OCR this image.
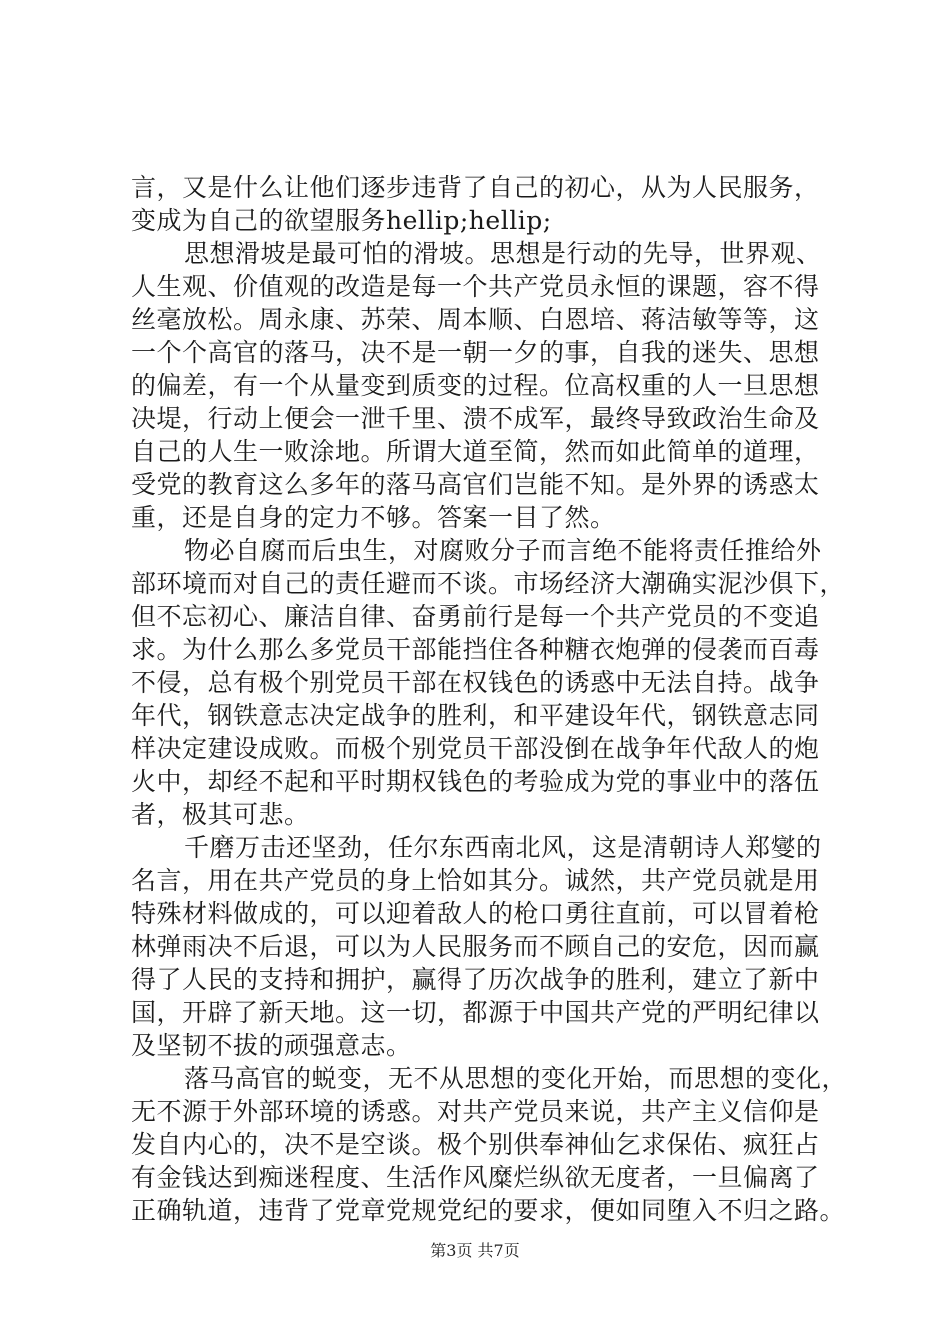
言，又是什么让他们逐步违背了自己的初心，从为人民服务，

变成为自己的欲望服务hellip;hellip;

思想滑坡是最可怕的滑坡。思想是行动的先导，世界观、

人生观、价值观的改造是每一个共产党员永恒的课题，容不得

丝毫放松。周永康、苏荣、周本顺、白恩培、蒋洁敏等等，这

一个个高官的落马，决不是一朝一夕的事，自我的迷失、思想

的偏差，有一个从量变到质变的过程。位高权重的人一旦思想

决堤，行动上便会一泄千里、溃不成军，最终导致政治生命及

自己的人生一败涂地。所谓大道至简，然而如此简单的道理，

受党的教育这么多年的落马高官们岂能不知。是外界的诱惑太

重，还是自身的定力不够。答案一目了然。

物必自腐而后虫生，对腐败分子而言绝不能将责任推给外

部环境而对自己的责任避而不谈。市场经济大潮确实泥沙俱下，

但不忘初心、廉洁自律、奋勇前行是每一个共产党员的不变追

求。为什么那么多党员干部能挡住各种糖衣炮弹的侵袭而百毒

不侵，总有极个别党员干部在权钱色的诱惑中无法自持。战争

年代，钢铁意志决定战争的胜利，和平建设年代，钢铁意志同

样决定建设成败。而极个别党员干部没倒在战争年代敌人的炮

火中，却经不起和平时期权钱色的考验成为党的事业中的落伍

者，极其可悲。

千磨万击还坚劲，任尔东西南北风，这是清朝诗人郑燮的

名言，用在共产党员的身上恰如其分。诚然，共产党员就是用

特殊材料做成的，可以迎着敌人的枪口勇往直前，可以冒着枪

林弹雨决不后退，可以为人民服务而不顾自己的安危，因而赢

得了人民的支持和拥护，赢得了历次战争的胜利，建立了新中

国，开辟了新天地。这一切，都源于中国共产党的严明纪律以

及坚韧不拔的顽强意志。

落马高官的蜕变，无不从思想的变化开始，而思想的变化，

无不源于外部环境的诱惑。对共产党员来说，共产主义信仰是

发自内心的，决不是空谈。极个别供奉神仙乞求保佑、疯狂占

有金钱达到痴迷程度、生活作风糜烂纵欲无度者，一旦偏离了

正确轨道，违背了党章党规党纪的要求，便如同堕入不归之路。

第3页 共7页
